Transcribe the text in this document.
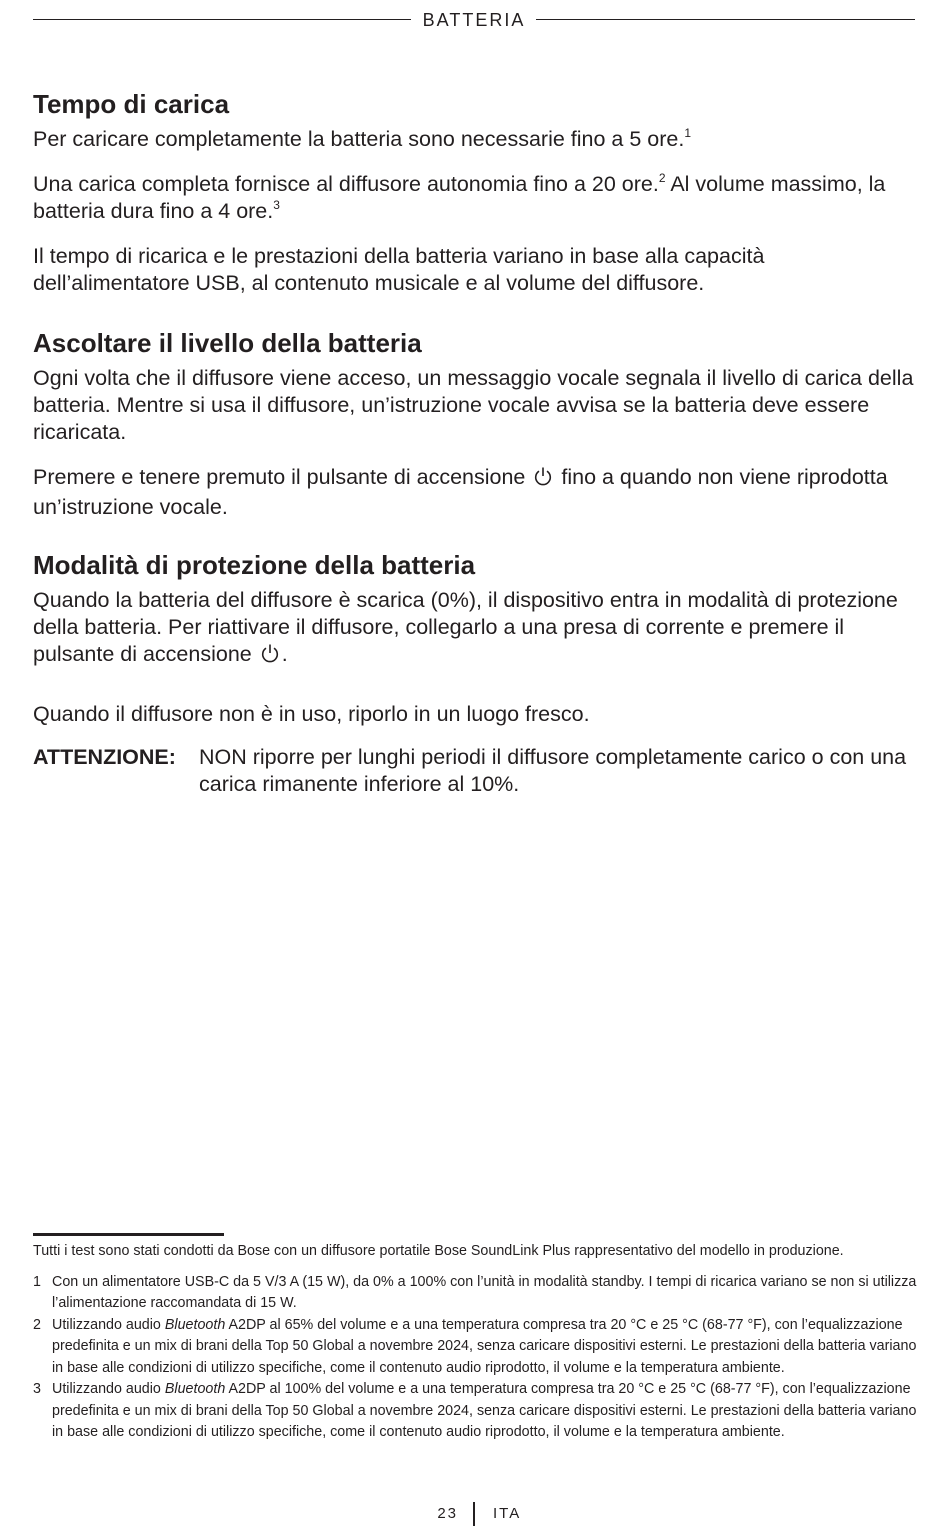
BATTERIA
Tempo di carica

Per caricare completamente la batteria sono necessarie fino a 5 ore.$^1$

Una carica completa fornisce al diffusore autonomia fino a 20 ore.$^2$ Al volume massimo, la batteria dura fino a 4 ore.$^3$

Il tempo di ricarica e le prestazioni della batteria variano in base alla capacità dell’alimentatore USB, al contenuto musicale e al volume del diffusore.

Ascoltare il livello della batteria

Ogni volta che il diffusore viene acceso, un messaggio vocale segnala il livello di carica della batteria. Mentre si usa il diffusore, un’istruzione vocale avvisa se la batteria deve essere ricaricata.

Premere e tenere premuto il pulsante di accensione fino a quando non viene riprodotta un’istruzione vocale.

Modalità di protezione della batteria

Quando la batteria del diffusore è scarica (0%), il dispositivo entra in modalità di protezione della batteria. Per riattivare il diffusore, collegarlo a una presa di corrente e premere il pulsante di accensione .

Quando il diffusore non è in uso, riporlo in un luogo fresco.

ATTENZIONE:	NON riporre per lunghi periodi il diffusore completamente carico o con una carica rimanente inferiore al 10%.

Tutti i test sono stati condotti da Bose con un diffusore portatile Bose SoundLink Plus rappresentativo del modello in produzione.

1 Con un alimentatore USB-C da 5 V/3 A (15 W), da 0% a 100% con l’unità in modalità standby. I tempi di ricarica variano se non si utilizza l’alimentazione raccomandata di 15 W.
2 Utilizzando audio Bluetooth A2DP al 65% del volume e a una temperatura compresa tra 20 °C e 25 °C (68-77 °F), con l’equalizzazione predefinita e un mix di brani della Top 50 Global a novembre 2024, senza caricare dispositivi esterni. Le prestazioni della batteria variano in base alle condizioni di utilizzo specifiche, come il contenuto audio riprodotto, il volume e la temperatura ambiente.
3 Utilizzando audio Bluetooth A2DP al 100% del volume e a una temperatura compresa tra 20 °C e 25 °C (68-77 °F), con l’equalizzazione predefinita e un mix di brani della Top 50 Global a novembre 2024, senza caricare dispositivi esterni. Le prestazioni della batteria variano in base alle condizioni di utilizzo specifiche, come il contenuto audio riprodotto, il volume e la temperatura ambiente.
23 ITA
